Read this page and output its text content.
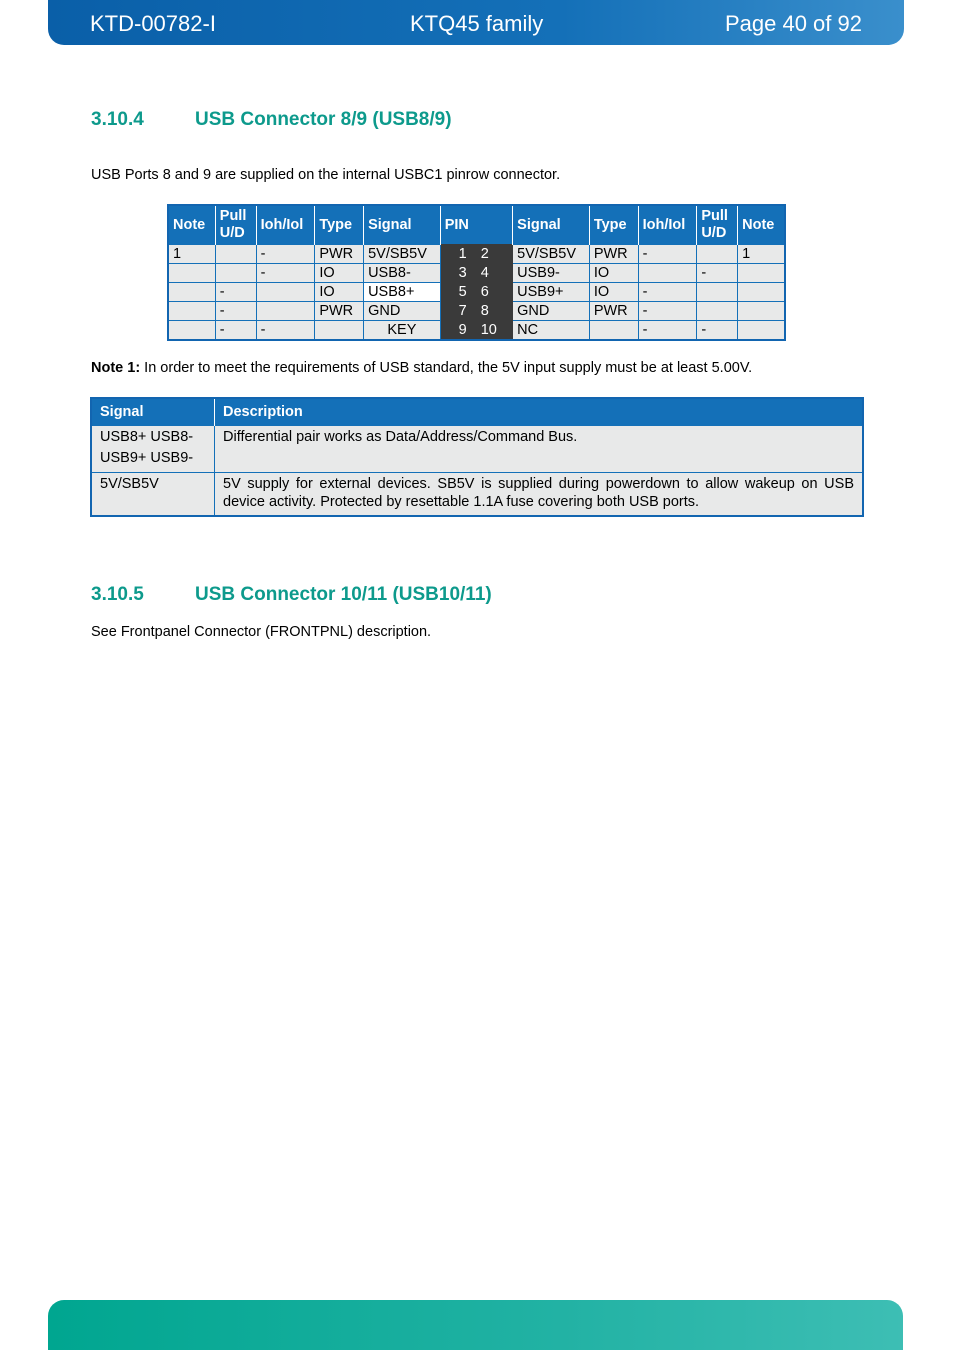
KTD-00782-I	KTQ45 family	Page 40 of 92
3.10.4	USB Connector 8/9 (USB8/9)
USB Ports 8 and 9 are supplied on the internal USBC1 pinrow connector.
Note	Pull U/D	Ioh/Iol	Type	Signal	PIN	Signal	Type	Ioh/Iol	Pull U/D	Note
1		-	PWR	5V/SB5V	1 2	5V/SB5V	PWR	-		1
		-	IO	USB8-	3 4	USB9-	IO		-	
	-		IO	USB8+	5 6	USB9+	IO	-		
	-		PWR	GND	7 8	GND	PWR	-		
	-	-		KEY	9 10	NC		-	-	
Note 1: In order to meet the requirements of USB standard, the 5V input supply must be at least 5.00V.
Signal	Description

USB8+ USB8-
USB9+ USB9-	Differential pair works as Data/Address/Command Bus.

5V/SB5V	5V supply for external devices. SB5V is supplied during powerdown to allow wakeup on USB device activity. Protected by resettable 1.1A fuse covering both USB ports.
3.10.5	USB Connector 10/11 (USB10/11)
See Frontpanel Connector (FRONTPNL) description.
